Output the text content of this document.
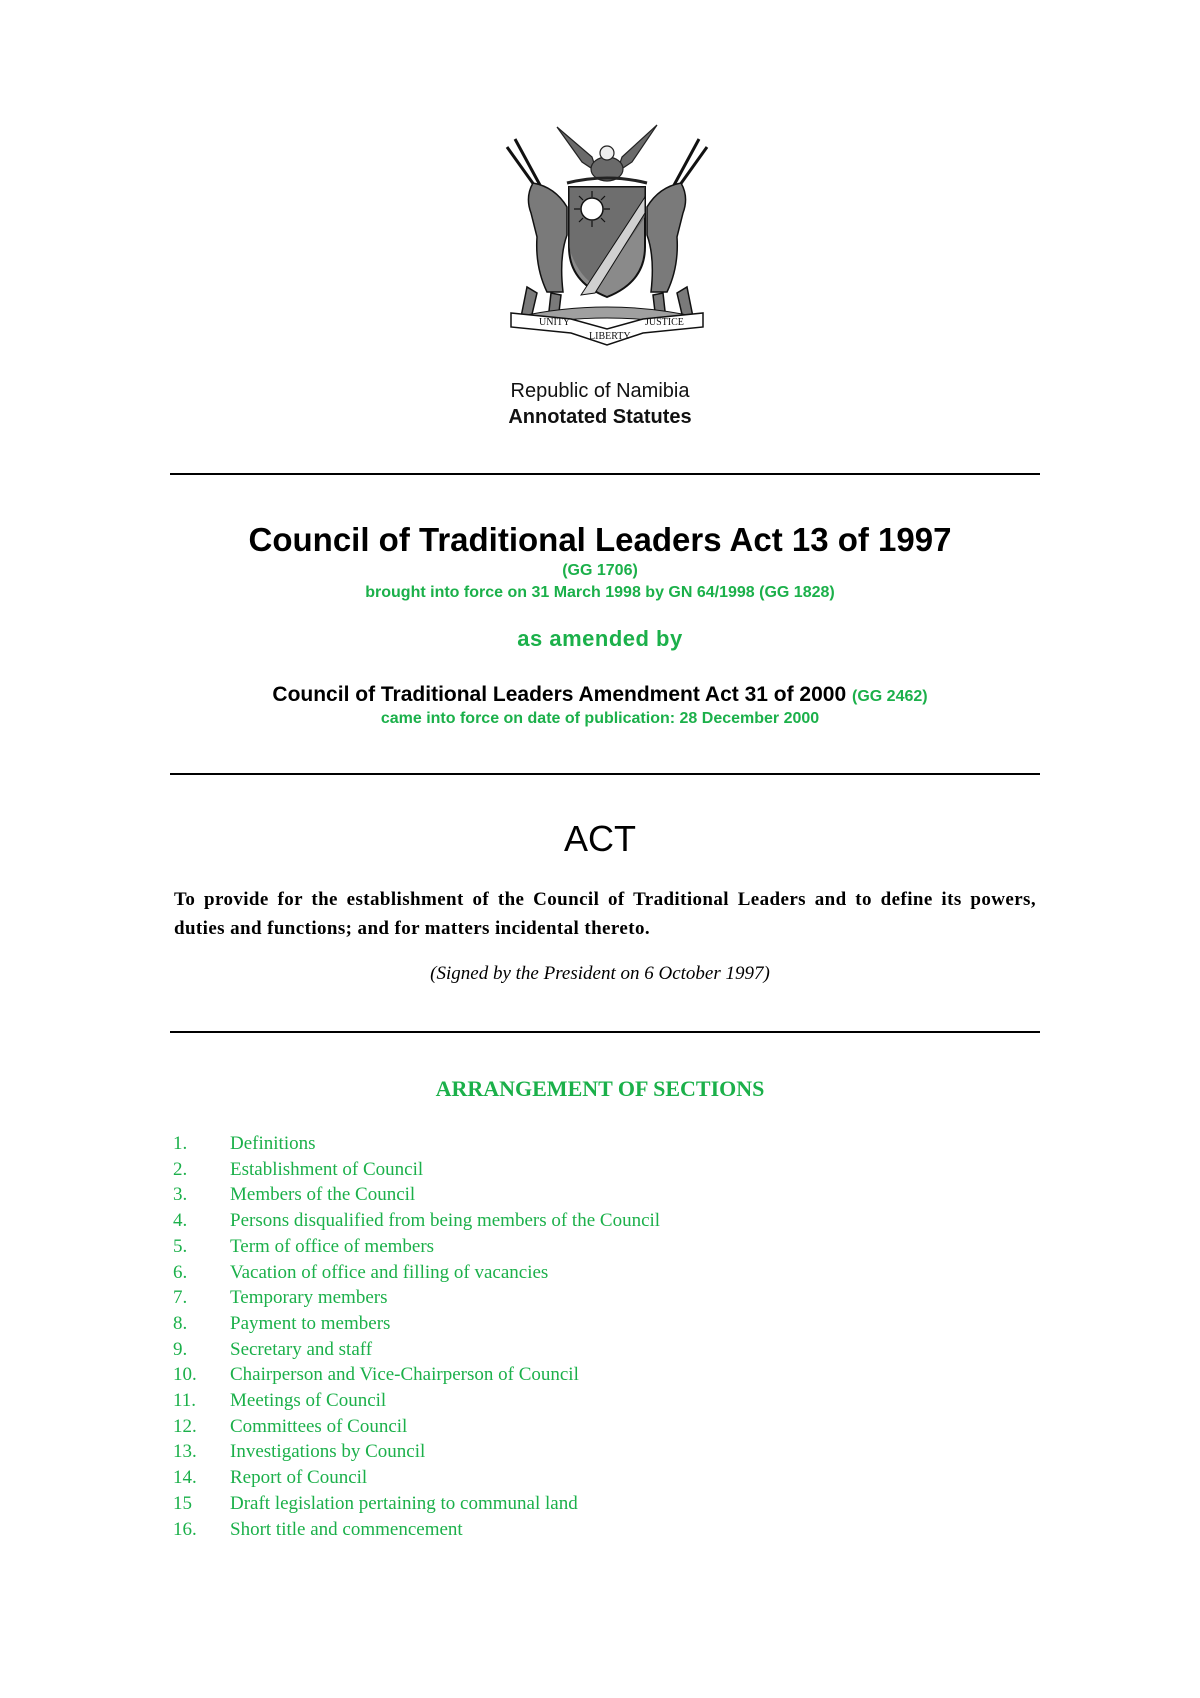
UNITY
LIBERTY
JUSTICE
Republic of Namibia
Annotated Statutes
Council of Traditional Leaders Act 13 of 1997
(GG 1706)
brought into force on 31 March 1998 by GN 64/1998 (GG 1828)
as amended by
Council of Traditional Leaders Amendment Act 31 of 2000 (GG 2462)
came into force on date of publication: 28 December 2000
ACT
To provide for the establishment of the Council of Traditional Leaders and to define its powers, duties and functions; and for matters incidental thereto.
(Signed by the President on 6 October 1997)
ARRANGEMENT OF SECTIONS
1.	Definitions
2.	Establishment of Council
3.	Members of the Council
4.	Persons disqualified from being members of the Council
5.	Term of office of members
6.	Vacation of office and filling of vacancies
7.	Temporary members
8.	Payment to members
9.	Secretary and staff
10.	Chairperson and Vice-Chairperson of Council
11.	Meetings of Council
12.	Committees of Council
13.	Investigations by Council
14.	Report of Council
15	Draft legislation pertaining to communal land
16.	Short title and commencement
